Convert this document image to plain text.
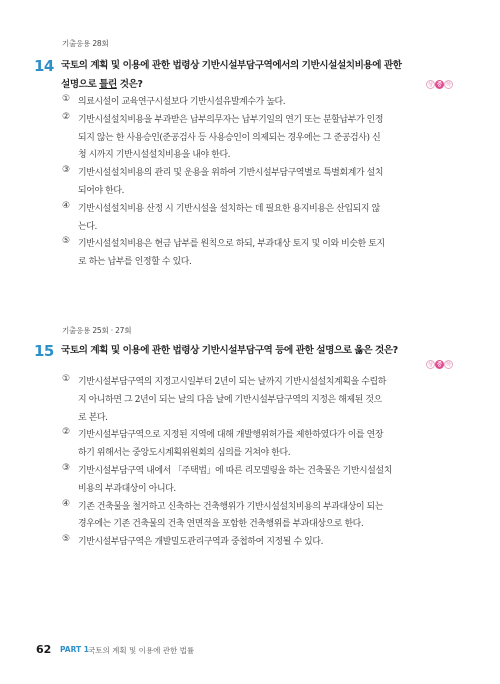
기출응용 28회
14 국토의 계획 및 이용에 관한 법령상 기반시설부담구역에서의 기반시설설치비용에 관한
설명으로 틀린 것은?	상 중 하
① 의료시설이 교육연구시설보다 기반시설유발계수가 높다.
② 기반시설설치비용을 부과받은 납부의무자는 납부기일의 연기 또는 분할납부가 인정
되지 않는 한 사용승인(준공검사 등 사용승인이 의제되는 경우에는 그 준공검사) 신
청 시까지 기반시설설치비용을 내야 한다.
③ 기반시설설치비용의 관리 및 운용을 위하여 기반시설부담구역별로 특별회계가 설치
되어야 한다.
④ 기반시설설치비용 산정 시 기반시설을 설치하는 데 필요한 용지비용은 산입되지 않
는다.
⑤ 기반시설설치비용은 현금 납부를 원칙으로 하되, 부과대상 토지 및 이와 비슷한 토지
로 하는 납부를 인정할 수 있다.
기출응용 25회 · 27회
15 국토의 계획 및 이용에 관한 법령상 기반시설부담구역 등에 관한 설명으로 옳은 것은?
상 중 하
① 기반시설부담구역의 지정고시일부터 2년이 되는 날까지 기반시설설치계획을 수립하
지 아니하면 그 2년이 되는 날의 다음 날에 기반시설부담구역의 지정은 해제된 것으
로 본다.
② 기반시설부담구역으로 지정된 지역에 대해 개발행위허가를 제한하였다가 이를 연장
하기 위해서는 중앙도시계획위원회의 심의를 거쳐야 한다.
③ 기반시설부담구역 내에서 「주택법」에 따른 리모델링을 하는 건축물은 기반시설설치
비용의 부과대상이 아니다.
④ 기존 건축물을 철거하고 신축하는 건축행위가 기반시설설치비용의 부과대상이 되는
경우에는 기존 건축물의 건축 연면적을 포함한 건축행위를 부과대상으로 한다.
⑤ 기반시설부담구역은 개발밀도관리구역과 중첩하여 지정될 수 있다.
62 PART 1 국토의 계획 및 이용에 관한 법률
